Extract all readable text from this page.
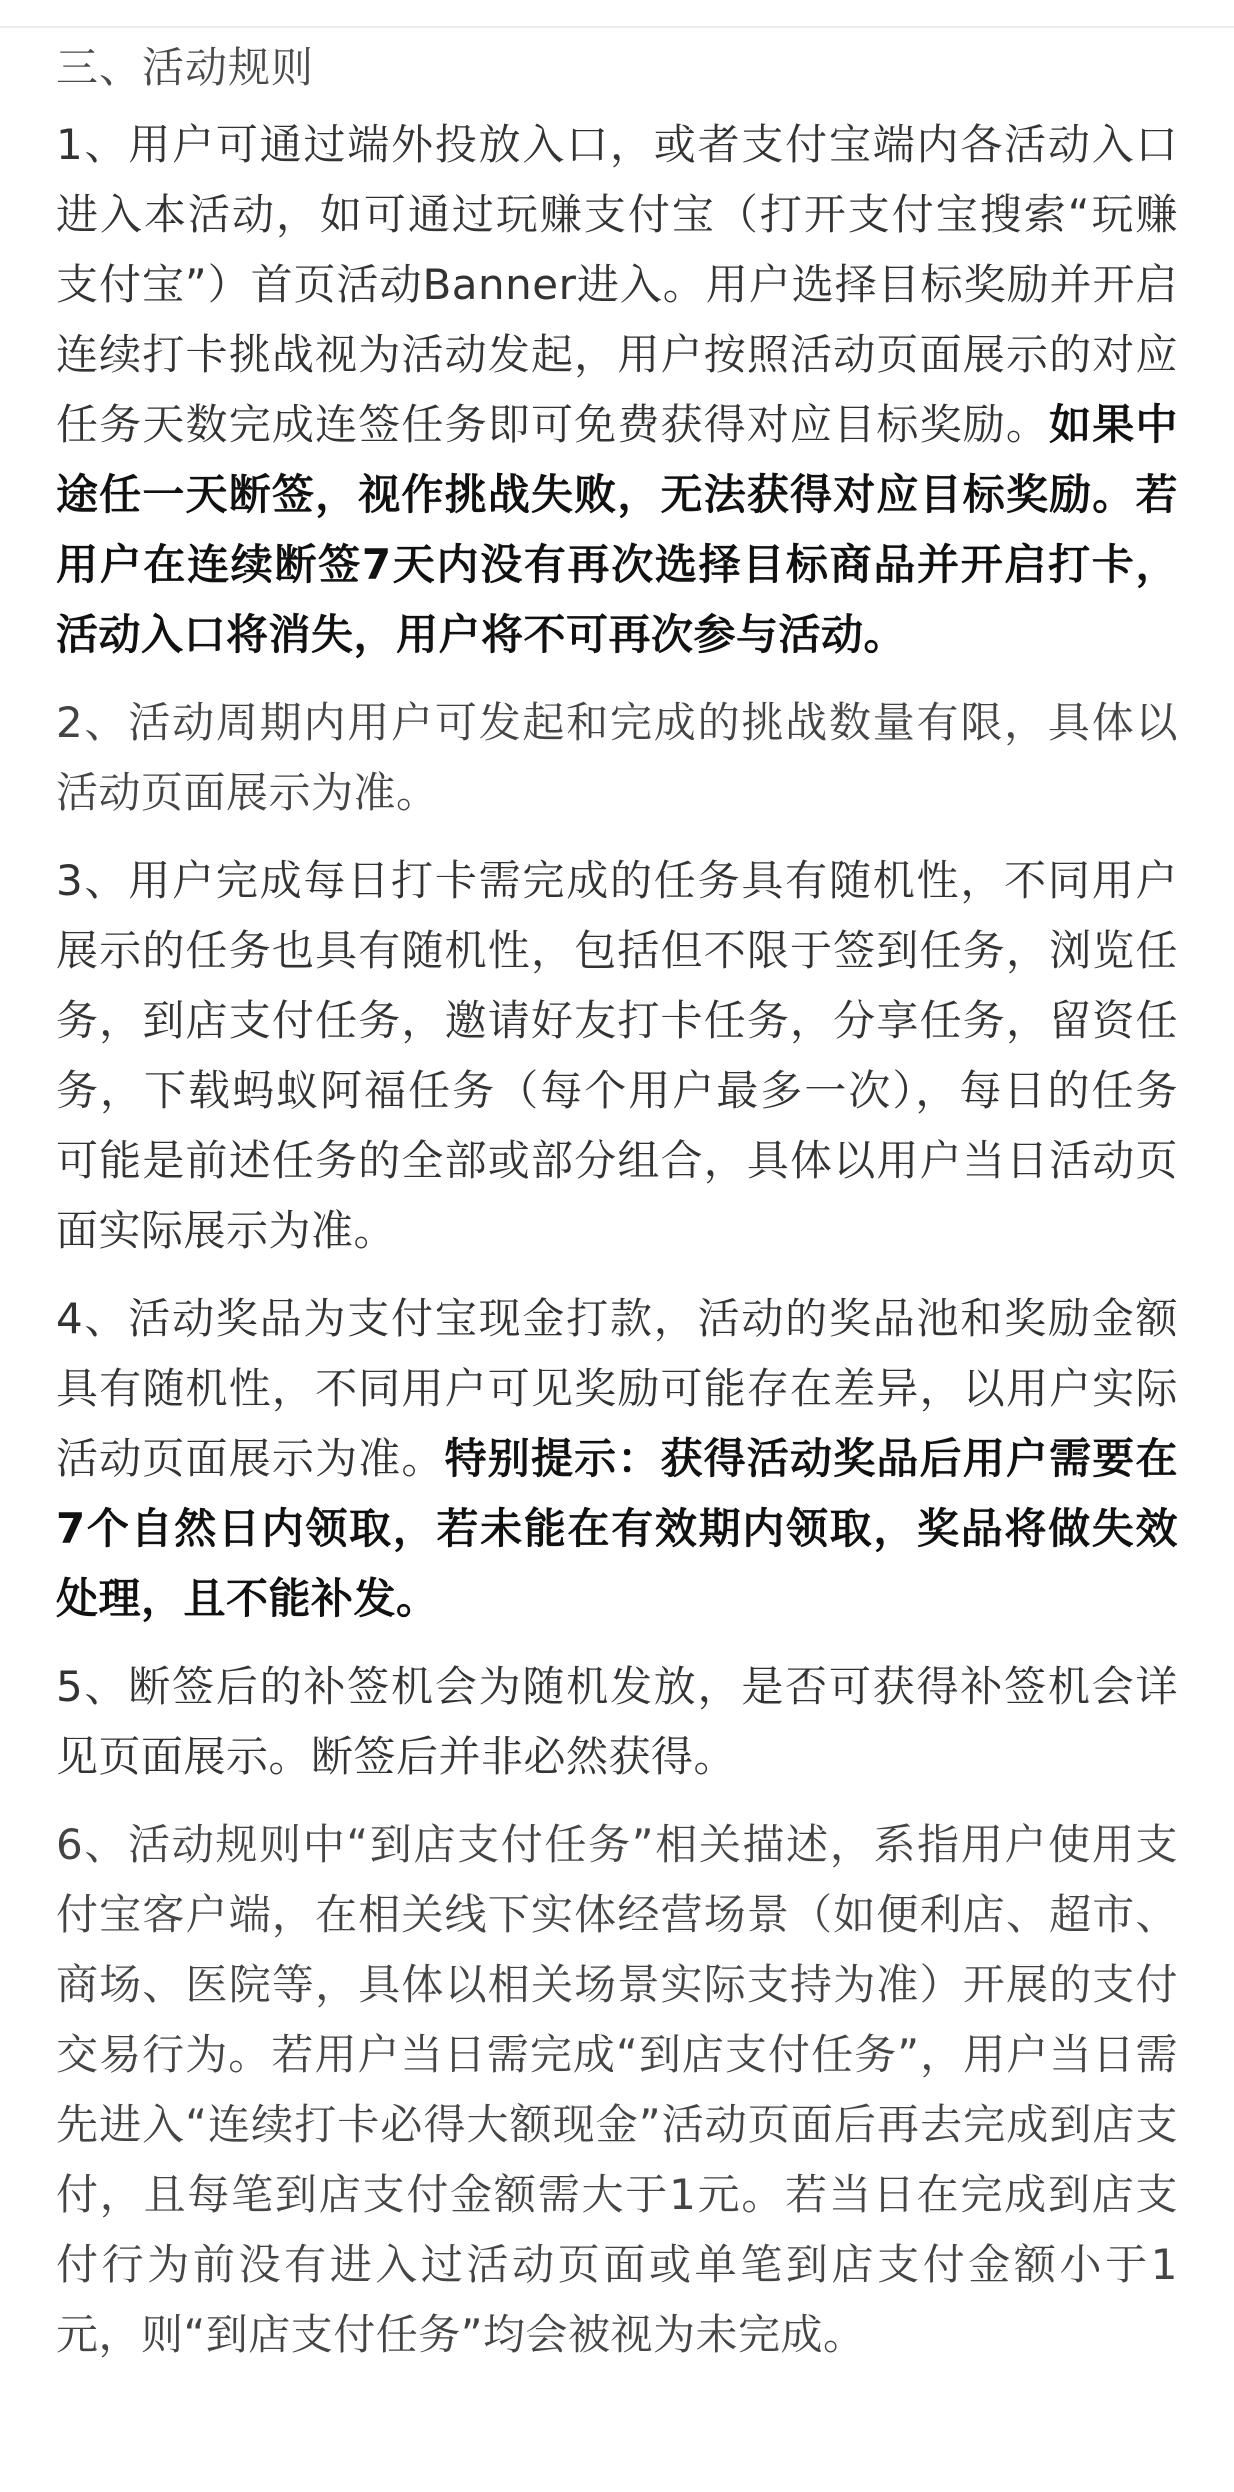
三、活动规则

1、用户可通过端外投放入口，或者支付宝端内各活动入口进入本活动，如可通过玩赚支付宝（打开支付宝搜索“玩赚支付宝”）首页活动Banner进入。用户选择目标奖励并开启连续打卡挑战视为活动发起，用户按照活动页面展示的对应任务天数完成连签任务即可免费获得对应目标奖励。如果中途任一天断签，视作挑战失败，无法获得对应目标奖励。若用户在连续断签7天内没有再次选择目标商品并开启打卡，活动入口将消失，用户将不可再次参与活动。

2、活动周期内用户可发起和完成的挑战数量有限，具体以活动页面展示为准。

3、用户完成每日打卡需完成的任务具有随机性，不同用户展示的任务也具有随机性，包括但不限于签到任务，浏览任务，到店支付任务，邀请好友打卡任务，分享任务，留资任务，下载蚂蚁阿福任务（每个用户最多一次），每日的任务可能是前述任务的全部或部分组合，具体以用户当日活动页面实际展示为准。

4、活动奖品为支付宝现金打款，活动的奖品池和奖励金额具有随机性，不同用户可见奖励可能存在差异，以用户实际活动页面展示为准。特别提示：获得活动奖品后用户需要在7个自然日内领取，若未能在有效期内领取，奖品将做失效处理，且不能补发。

5、断签后的补签机会为随机发放，是否可获得补签机会详见页面展示。断签后并非必然获得。

6、活动规则中“到店支付任务”相关描述，系指用户使用支付宝客户端，在相关线下实体经营场景（如便利店、超市、商场、医院等，具体以相关场景实际支持为准）开展的支付交易行为。若用户当日需完成“到店支付任务”，用户当日需先进入“连续打卡必得大额现金”活动页面后再去完成到店支付，且每笔到店支付金额需大于1元。若当日在完成到店支付行为前没有进入过活动页面或单笔到店支付金额小于1元，则“到店支付任务”均会被视为未完成。
